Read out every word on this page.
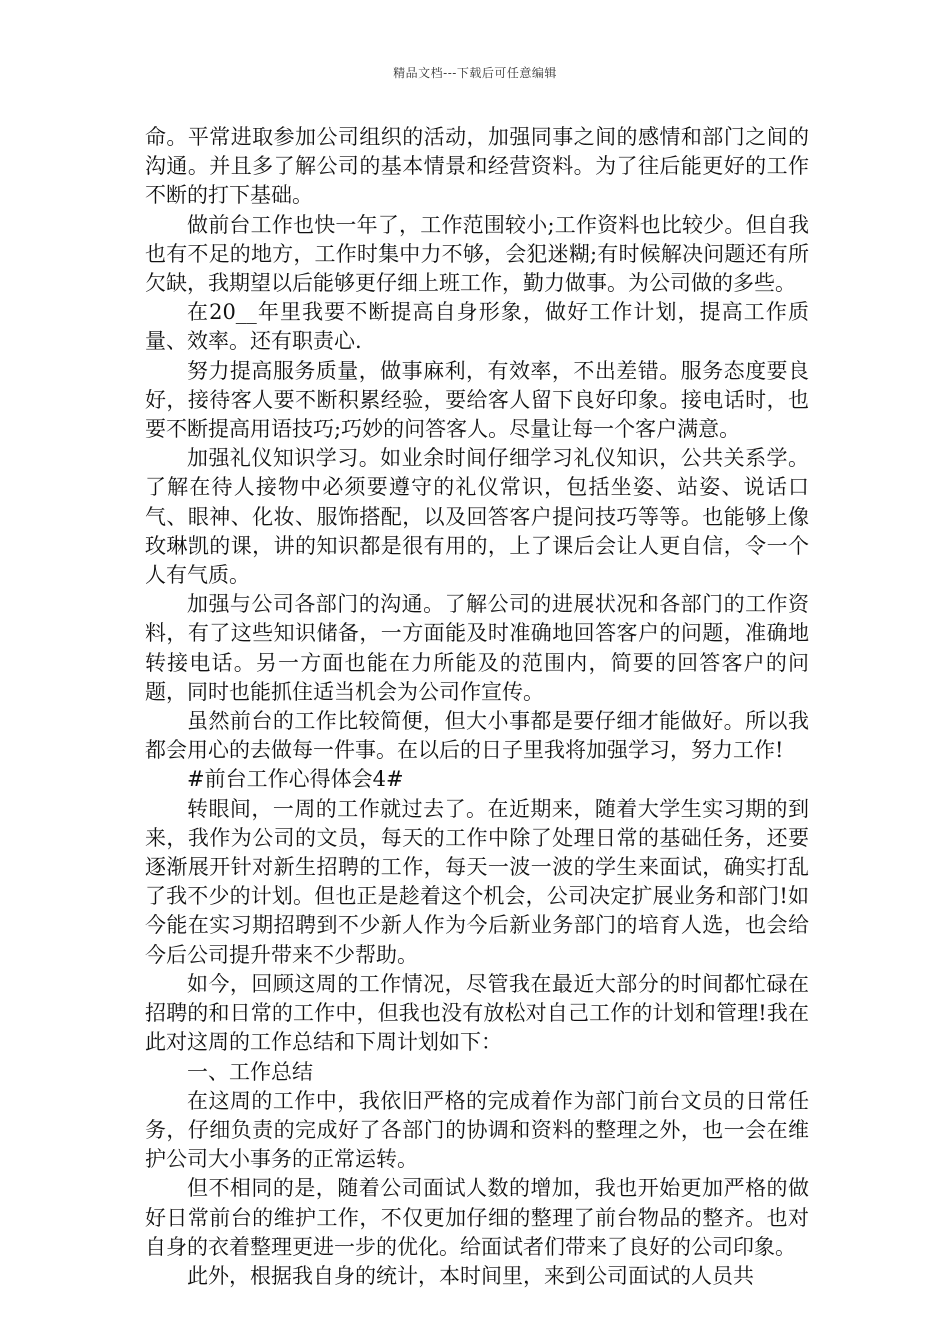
精品文档---下载后可任意编辑

命。平常进取参加公司组织的活动，加强同事之间的感情和部门之间的沟通。并且多了解公司的基本情景和经营资料。为了往后能更好的工作不断的打下基础。

做前台工作也快一年了，工作范围较小;工作资料也比较少。但自我也有不足的地方，工作时集中力不够，会犯迷糊;有时候解决问题还有所欠缺，我期望以后能够更仔细上班工作，勤力做事。为公司做的多些。

在20__年里我要不断提高自身形象，做好工作计划，提高工作质量、效率。还有职责心.

努力提高服务质量，做事麻利，有效率，不出差错。服务态度要良好，接待客人要不断积累经验，要给客人留下良好印象。接电话时，也要不断提高用语技巧;巧妙的问答客人。尽量让每一个客户满意。

加强礼仪知识学习。如业余时间仔细学习礼仪知识，公共关系学。了解在待人接物中必须要遵守的礼仪常识，包括坐姿、站姿、说话口气、眼神、化妆、服饰搭配，以及回答客户提问技巧等等。也能够上像玫琳凯的课，讲的知识都是很有用的，上了课后会让人更自信，令一个人有气质。

加强与公司各部门的沟通。了解公司的进展状况和各部门的工作资料，有了这些知识储备，一方面能及时准确地回答客户的问题，准确地转接电话。另一方面也能在力所能及的范围内，简要的回答客户的问题，同时也能抓住适当机会为公司作宣传。

虽然前台的工作比较简便，但大小事都是要仔细才能做好。所以我都会用心的去做每一件事。在以后的日子里我将加强学习，努力工作!

#前台工作心得体会4#

转眼间，一周的工作就过去了。在近期来，随着大学生实习期的到来，我作为公司的文员，每天的工作中除了处理日常的基础任务，还要逐渐展开针对新生招聘的工作，每天一波一波的学生来面试，确实打乱了我不少的计划。但也正是趁着这个机会，公司决定扩展业务和部门!如今能在实习期招聘到不少新人作为今后新业务部门的培育人选，也会给今后公司提升带来不少帮助。

如今，回顾这周的工作情况，尽管我在最近大部分的时间都忙碌在招聘的和日常的工作中，但我也没有放松对自己工作的计划和管理!我在此对这周的工作总结和下周计划如下：

一、工作总结

在这周的工作中，我依旧严格的完成着作为部门前台文员的日常任务，仔细负责的完成好了各部门的协调和资料的整理之外，也一会在维护公司大小事务的正常运转。

但不相同的是，随着公司面试人数的增加，我也开始更加严格的做好日常前台的维护工作，不仅更加仔细的整理了前台物品的整齐。也对自身的衣着整理更进一步的优化。给面试者们带来了良好的公司印象。

此外，根据我自身的统计，本时间里，来到公司面试的人员共
